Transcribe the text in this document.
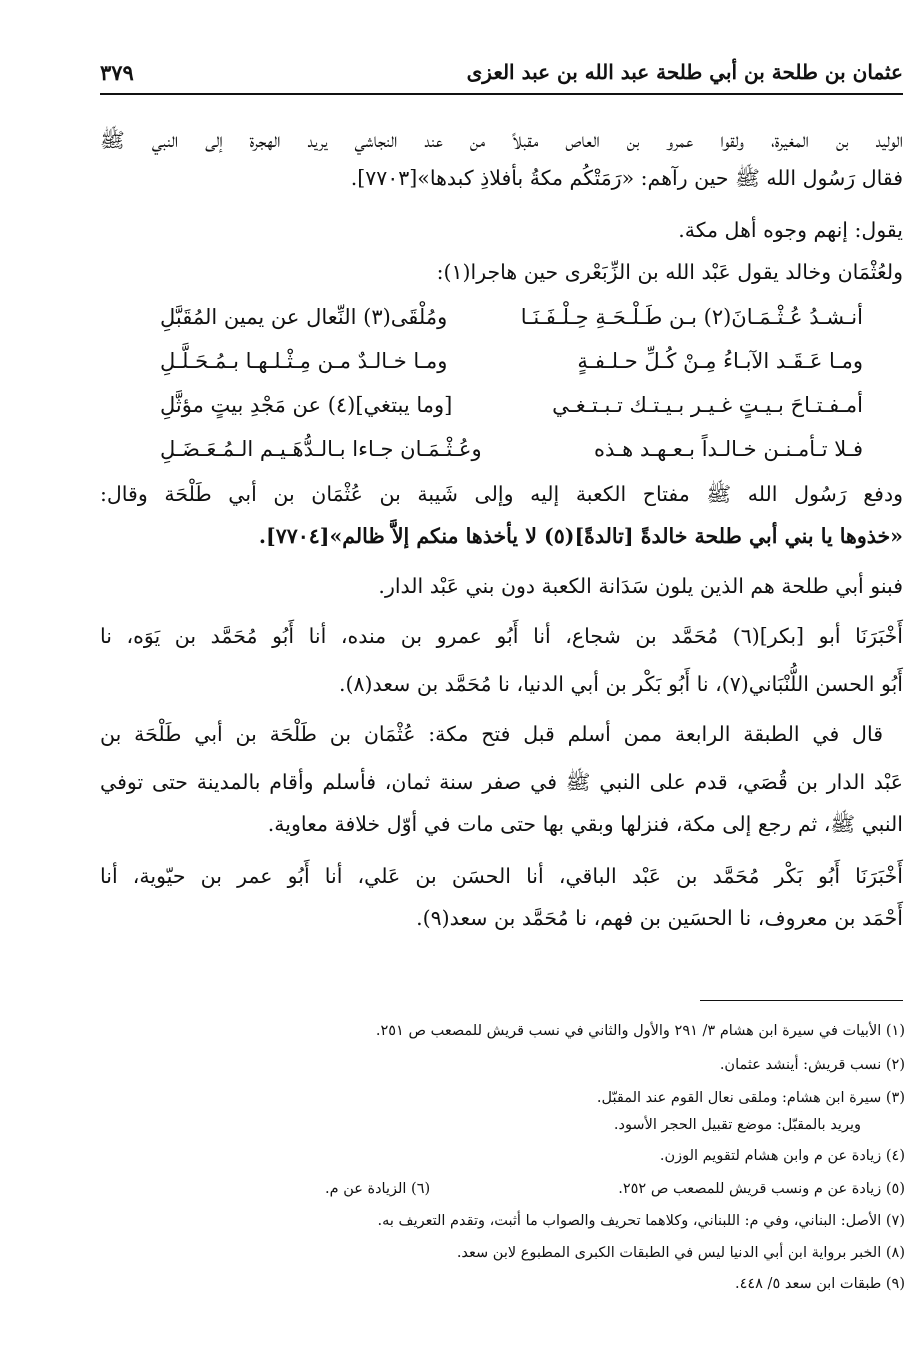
عثمان بن طلحة بن أبي طلحة عبد الله بن عبد العزى
٣٧٩
الوليد بن المغيرة، ولقوا عمرو بن العاص مقبلاً من عند النجاشي يريد الهجرة إلى النبي ﷺ
فقال رَسُول الله ﷺ حين رآهم: «رَمَتْكُم مكةُ بأفلاذِ كبدها»[٧٧٠٣].
يقول: إنهم وجوه أهل مكة.
ولعُثْمَان وخالد يقول عَبْد الله بن الزِّبَعْرى حين هاجرا(١):
أنـشـدُ عُـثْـمَـانَ(٢) بـن طَـلْـحَـةِ حِـلْـفَـنَـا
ومُلْقَى(٣) النِّعال عن يمين المُقَبَّلِ
ومـا عَـقَـد الآبـاءُ مِـنْ كُـلِّ حـلـفـةٍ
ومـا خـالـدٌ مـن مِـثْـلـهـا بـمُـحَـلَّـلِ
أمـفـتـاحَ بـيـتٍ غـيـر بـيـتـك تـبـتـغـي
[وما يبتغي](٤) عن مَجْدِ بيتٍ مؤثَّلِ
فـلا تـأمـنـن خـالـداً بـعـهـد هـذه
وعُـثْـمَـان جـاءا بـالـدُّهَـيـم الـمُـعَـضَـلِ
ودفع رَسُول الله ﷺ مفتاح الكعبة إليه وإلى شَيبة بن عُثْمَان بن أبي طَلْحَة وقال:
«خذوها يا بني أبي طلحة خالدةً [تالدةً](٥) لا يأخذها منكم إلاَّ ظالم»[٧٧٠٤].
فبنو أبي طلحة هم الذين يلون سَدَانة الكعبة دون بني عَبْد الدار.
أَخْبَرَنَا أبو [بكر](٦) مُحَمَّد بن شجاع، أنا أَبُو عمرو بن منده، أنا أَبُو مُحَمَّد بن يَوَه، نا
أَبُو الحسن اللُّنْبَاني(٧)، نا أَبُو بَكْر بن أبي الدنيا، نا مُحَمَّد بن سعد(٨).
قال في الطبقة الرابعة ممن أسلم قبل فتح مكة: عُثْمَان بن طَلْحَة بن أبي طَلْحَة بن
عَبْد الدار بن قُصَي، قدم على النبي ﷺ في صفر سنة ثمان، فأسلم وأقام بالمدينة حتى توفي
النبي ﷺ، ثم رجع إلى مكة، فنزلها وبقي بها حتى مات في أوّل خلافة معاوية.
أَخْبَرَنَا أَبُو بَكْر مُحَمَّد بن عَبْد الباقي، أنا الحسَن بن عَلي، أنا أَبُو عمر بن حيّوية، أنا
أَحْمَد بن معروف، نا الحسَين بن فهم، نا مُحَمَّد بن سعد(٩).
(١) الأبيات في سيرة ابن هشام ٣/ ٢٩١ والأول والثاني في نسب قريش للمصعب ص ٢٥١.
(٢) نسب قريش: أينشد عثمان.
(٣) سيرة ابن هشام: وملقى نعال القوم عند المقبّل.
ويريد بالمقبّل: موضع تقبيل الحجر الأسود.
(٤) زيادة عن م وابن هشام لتقويم الوزن.
(٥) زيادة عن م ونسب قريش للمصعب ص ٢٥٢.
(٦) الزيادة عن م.
(٧) الأصل: البناني، وفي م: اللبناني، وكلاهما تحريف والصواب ما أثبت، وتقدم التعريف به.
(٨) الخبر برواية ابن أبي الدنيا ليس في الطبقات الكبرى المطبوع لابن سعد.
(٩) طبقات ابن سعد ٥/ ٤٤٨.
